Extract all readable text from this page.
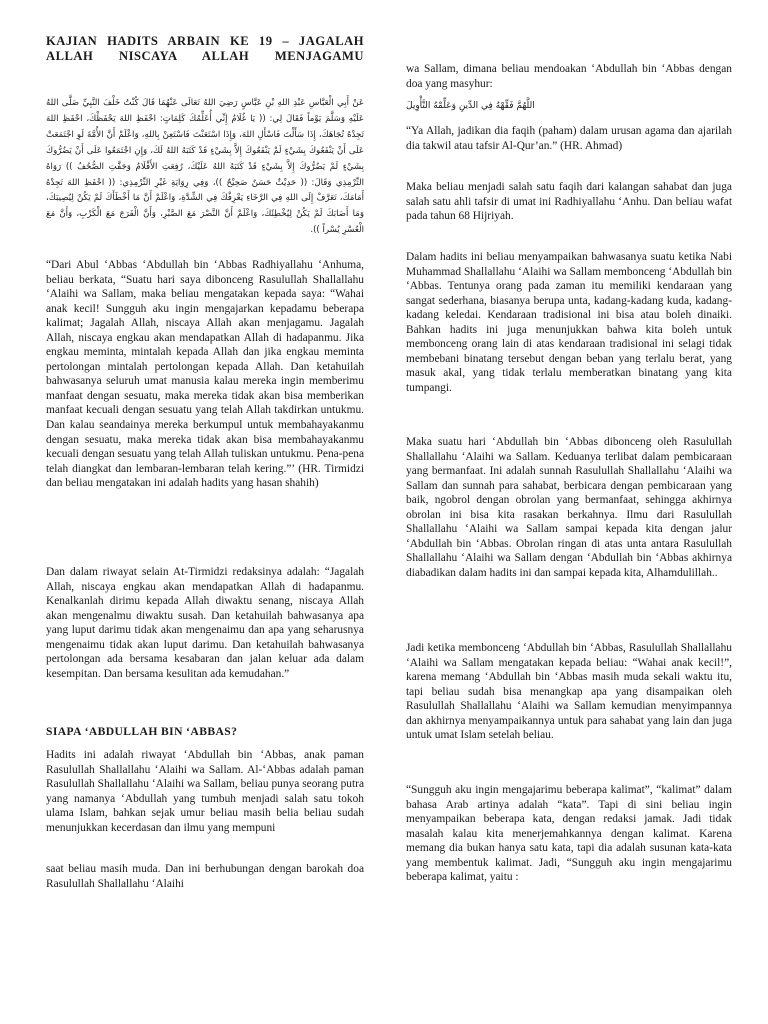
KAJIAN HADITS ARBAIN KE 19 – JAGALAH
ALLAH NISCAYA ALLAH MENJAGAMU

عَنْ أَبِي الْعَبَّاسِ عَبْدِ اللهِ بْنِ عَبَّاسٍ رَضِيَ اللهُ تَعَالَى عَنْهُمَا قَالَ كُنْتُ خَلْفَ النَّبِيِّ صَلَّى اللهُ عَلَيْهِ وَسَلَّمَ يَوْماً فَقَالَ لِي: (( يَا غُلَامُ إِنِّي أُعَلِّمُكَ كَلِمَاتٍ: احْفَظِ اللهَ يَحْفَظْكَ، احْفَظِ اللهَ تَجِدْهُ تُجَاهَكَ، إِذَا سَأَلْتَ فَاسْأَلِ اللهَ، وَإِذَا اسْتَعَنْتَ فَاسْتَعِنْ بِاللهِ، وَاعْلَمْ أَنَّ الأُمَّةَ لَوِ اجْتَمَعَتْ عَلَى أَنْ يَنْفَعُوكَ بِشَيْءٍ لَمْ يَنْفَعُوكَ إِلاَّ بِشَيْءٍ قَدْ كَتَبَهُ اللهُ لَكَ، وَإِنِ اجْتَمَعُوا عَلَى أَنْ يَضُرُّوكَ بِشَيْءٍ لَمْ يَضُرُّوكَ إِلاَّ بِشَيْءٍ قَدْ كَتَبَهُ اللهُ عَلَيْكَ، رُفِعَتِ الأَقْلَامُ وَجَفَّتِ الصُّحُفُ )) رَوَاهُ التِّرْمِذِي وَقَالَ: (( حَدِيْثٌ حَسَنٌ صَحِيْحٌ ))، وَفِي رِوَايَةِ غَيْرِ التِّرْمِذِي: (( احْفَظِ اللهَ تَجِدْهُ أَمَامَكَ، تَعَرَّفْ إِلَى اللهِ فِي الرَّخَاءِ يَعْرِفْكَ فِي الشِّدَّةِ، وَاعْلَمْ أَنَّ مَا أَخْطَأَكَ لَمْ يَكُنْ لِيُصِيبَكَ، وَمَا أَصَابَكَ لَمْ يَكُنْ لِيُخْطِئَكَ، وَاعْلَمْ أَنَّ النَّصْرَ مَعَ الصَّبْرِ، وَأَنَّ الْفَرَجَ مَعَ الْكَرْبِ، وَأَنَّ مَعَ الْعُسْرِ يُسْراً )).

“Dari Abul ‘Abbas ‘Abdullah bin ‘Abbas Radhiyallahu ‘Anhuma, beliau berkata, “Suatu hari saya dibonceng Rasulullah Shallallahu ‘Alaihi wa Sallam, maka beliau mengatakan kepada saya: “Wahai anak kecil! Sungguh aku ingin mengajarkan kepadamu beberapa kalimat; Jagalah Allah, niscaya Allah akan menjagamu. Jagalah Allah, niscaya engkau akan mendapatkan Allah di hadapanmu. Jika engkau meminta, mintalah kepada Allah dan jika engkau meminta pertolongan mintalah pertolongan kepada Allah. Dan ketahuilah bahwasanya seluruh umat manusia kalau mereka ingin memberimu manfaat dengan sesuatu, maka mereka tidak akan bisa memberikan manfaat kecuali dengan sesuatu yang telah Allah takdirkan untukmu. Dan kalau seandainya mereka berkumpul untuk membahayakanmu dengan sesuatu, maka mereka tidak akan bisa membahayakanmu kecuali dengan sesuatu yang telah Allah tuliskan untukmu. Pena-pena telah diangkat dan lembaran-lembaran telah kering.”’ (HR. Tirmidzi dan beliau mengatakan ini adalah hadits yang hasan shahih)

Dan dalam riwayat selain At-Tirmidzi redaksinya adalah: “Jagalah Allah, niscaya engkau akan mendapatkan Allah di hadapanmu. Kenalkanlah dirimu kepada Allah diwaktu senang, niscaya Allah akan mengenalmu diwaktu susah. Dan ketahuilah bahwasanya apa yang luput darimu tidak akan mengenaimu dan apa yang seharusnya mengenaimu tidak akan luput darimu. Dan ketahuilah bahwasanya pertolongan ada bersama kesabaran dan jalan keluar ada dalam kesempitan. Dan bersama kesulitan ada kemudahan.”

SIAPA ‘ABDULLAH BIN ‘ABBAS?

Hadits ini adalah riwayat ‘Abdullah bin ‘Abbas, anak paman Rasulullah Shallallahu ‘Alaihi wa Sallam. Al-‘Abbas adalah paman Rasulullah Shallallahu ‘Alaihi wa Sallam, beliau punya seorang putra yang namanya ‘Abdullah yang tumbuh menjadi salah satu tokoh ulama Islam, bahkan sejak umur beliau masih belia beliau sudah menunjukkan kecerdasan dan ilmu yang mempuni

saat beliau masih muda. Dan ini berhubungan dengan barokah doa Rasulullah Shallallahu ‘Alaihi

wa Sallam, dimana beliau mendoakan ‘Abdullah bin ‘Abbas dengan doa yang masyhur:

اللَّهُمَّ فَقِّهْهُ فِي الدِّينِ وَعَلِّمْهُ التَّأْوِيلَ

“Ya Allah, jadikan dia faqih (paham) dalam urusan agama dan ajarilah dia takwil atau tafsir Al-Qur’an.” (HR. Ahmad)

Maka beliau menjadi salah satu faqih dari kalangan sahabat dan juga salah satu ahli tafsir di umat ini Radhiyallahu ‘Anhu. Dan beliau wafat pada tahun 68 Hijriyah.

Dalam hadits ini beliau menyampaikan bahwasanya suatu ketika Nabi Muhammad Shallallahu ‘Alaihi wa Sallam membonceng ‘Abdullah bin ‘Abbas. Tentunya orang pada zaman itu memiliki kendaraan yang sangat sederhana, biasanya berupa unta, kadang-kadang kuda, kadang-kadang keledai. Kendaraan tradisional ini bisa atau boleh dinaiki. Bahkan hadits ini juga menunjukkan bahwa kita boleh untuk membonceng orang lain di atas kendaraan tradisional ini selagi tidak membebani binatang tersebut dengan beban yang terlalu berat, yang masuk akal, yang tidak terlalu memberatkan binatang yang kita tumpangi.

Maka suatu hari ‘Abdullah bin ‘Abbas dibonceng oleh Rasulullah Shallallahu ‘Alaihi wa Sallam. Keduanya terlibat dalam pembicaraan yang bermanfaat. Ini adalah sunnah Rasulullah Shallallahu ‘Alaihi wa Sallam dan sunnah para sahabat, berbicara dengan pembicaraan yang baik, ngobrol dengan obrolan yang bermanfaat, sehingga akhirnya obrolan ini bisa kita rasakan berkahnya. Ilmu dari Rasulullah Shallallahu ‘Alaihi wa Sallam sampai kepada kita dengan jalur ‘Abdullah bin ‘Abbas. Obrolan ringan di atas unta antara Rasulullah Shallallahu ‘Alaihi wa Sallam dengan ‘Abdullah bin ‘Abbas akhirnya diabadikan dalam hadits ini dan sampai kepada kita, Alhamdulillah..

Jadi ketika membonceng ‘Abdullah bin ‘Abbas, Rasulullah Shallallahu ‘Alaihi wa Sallam mengatakan kepada beliau: “Wahai anak kecil!”, karena memang ‘Abdullah bin ‘Abbas masih muda sekali waktu itu, tapi beliau sudah bisa menangkap apa yang disampaikan oleh Rasulullah Shallallahu ‘Alaihi wa Sallam kemudian menyimpannya dan akhirnya menyampaikannya untuk para sahabat yang lain dan juga untuk umat Islam setelah beliau.

“Sungguh aku ingin mengajarimu beberapa kalimat”, “kalimat” dalam bahasa Arab artinya adalah “kata”. Tapi di sini beliau ingin menyampaikan beberapa kata, dengan redaksi jamak. Jadi tidak masalah kalau kita menerjemahkannya dengan kalimat. Karena memang dia bukan hanya satu kata, tapi dia adalah susunan kata-kata yang membentuk kalimat. Jadi, “Sungguh aku ingin mengajarimu beberapa kalimat, yaitu :
